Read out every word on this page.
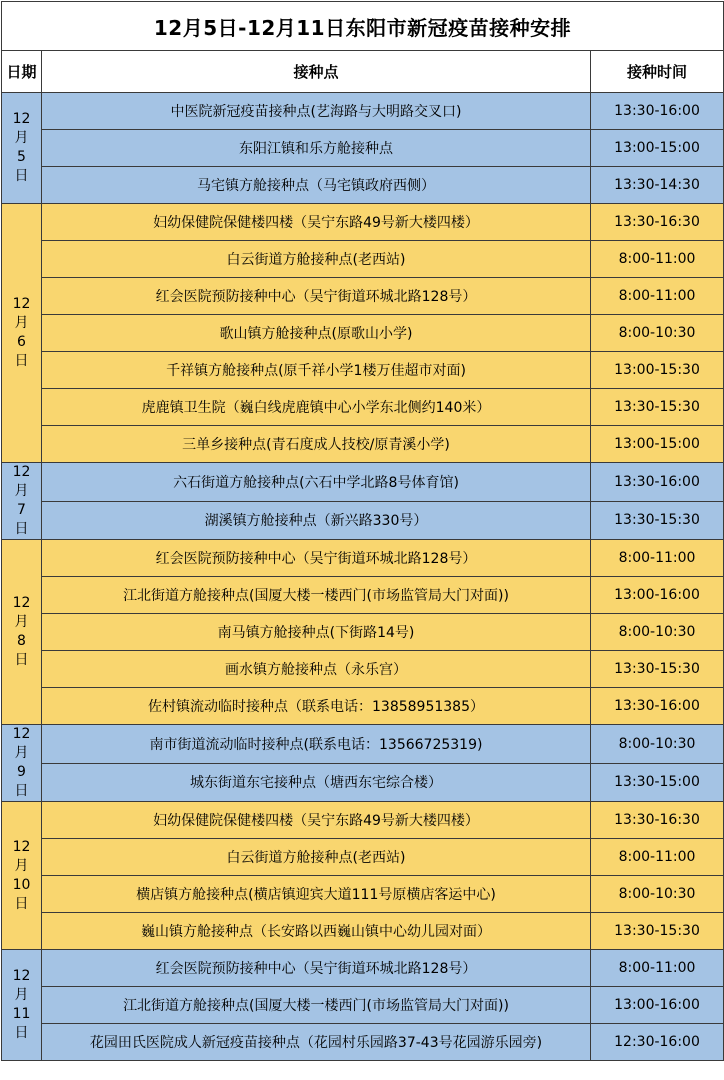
12月5日-12月11日东阳市新冠疫苗接种安排		
日期	接种点	接种时间

12
月
5
日	中医院新冠疫苗接种点(艺海路与大明路交叉口)	13:30-16:00
	东阳江镇和乐方舱接种点	13:00-15:00
	马宅镇方舱接种点（马宅镇政府西侧）	13:30-14:30

12
月
6
日	妇幼保健院保健楼四楼（吴宁东路49号新大楼四楼）	13:30-16:30
	白云街道方舱接种点(老西站)	8:00-11:00
	红会医院预防接种中心（吴宁街道环城北路128号）	8:00-11:00
	歌山镇方舱接种点(原歌山小学)	8:00-10:30
	千祥镇方舱接种点(原千祥小学1楼万佳超市对面)	13:00-15:30
	虎鹿镇卫生院（巍白线虎鹿镇中心小学东北侧约140米）	13:30-15:30
	三单乡接种点(青石度成人技校/原青溪小学)	13:00-15:00

12
月
7
日	六石街道方舱接种点(六石中学北路8号体育馆)	13:30-16:00
	湖溪镇方舱接种点（新兴路330号）	13:30-15:30

12
月
8
日	红会医院预防接种中心（吴宁街道环城北路128号）	8:00-11:00
	江北街道方舱接种点(国厦大楼一楼西门(市场监管局大门对面))	13:00-16:00
	南马镇方舱接种点(下街路14号)	8:00-10:30
	画水镇方舱接种点（永乐宫）	13:30-15:30
	佐村镇流动临时接种点（联系电话：13858951385）	13:30-16:00

12
月
9
日	南市街道流动临时接种点(联系电话：13566725319)	8:00-10:30
	城东街道东宅接种点（塘西东宅综合楼）	13:30-15:00

12
月
10
日	妇幼保健院保健楼四楼（吴宁东路49号新大楼四楼）	13:30-16:30
	白云街道方舱接种点(老西站)	8:00-11:00
	横店镇方舱接种点(横店镇迎宾大道111号原横店客运中心)	8:00-10:30
	巍山镇方舱接种点（长安路以西巍山镇中心幼儿园对面）	13:30-15:30

12
月
11
日	红会医院预防接种中心（吴宁街道环城北路128号）	8:00-11:00
	江北街道方舱接种点(国厦大楼一楼西门(市场监管局大门对面))	13:00-16:00
	花园田氏医院成人新冠疫苗接种点（花园村乐园路37-43号花园游乐园旁)	12:30-16:00
